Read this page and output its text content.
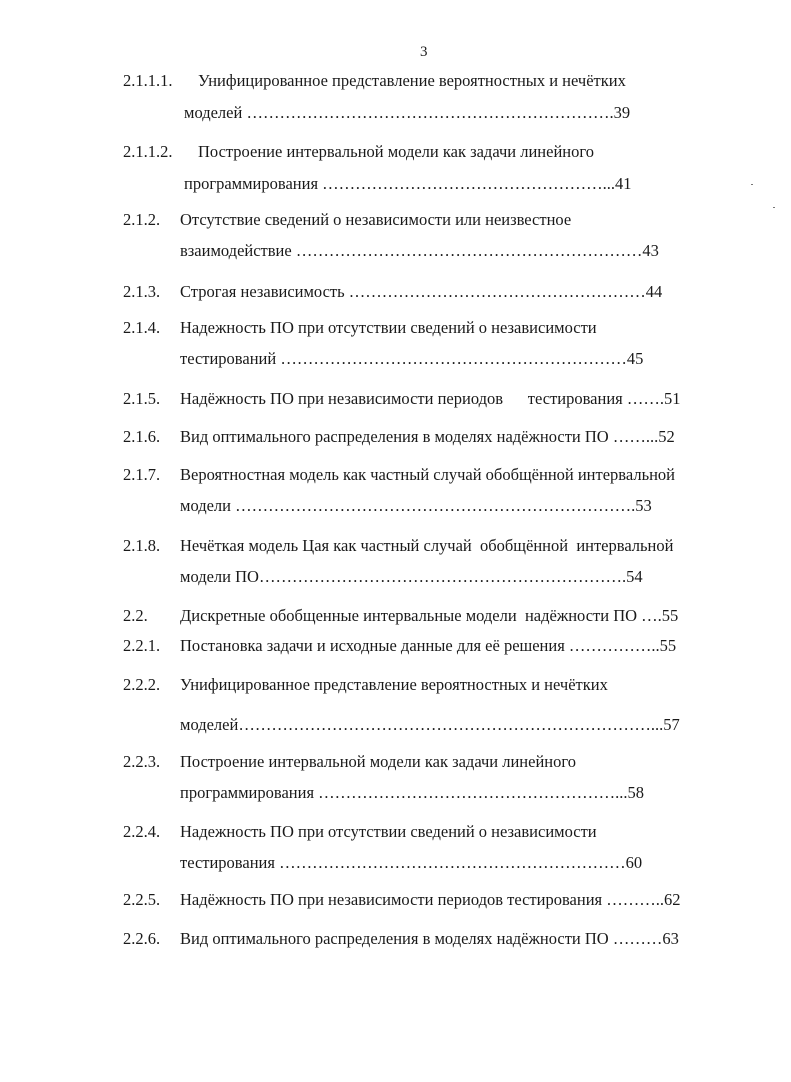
3
2.1.1.1. Унифицированное представление вероятностных и нечётких
моделей ………………………………………………………….39
2.1.1.2. Построение интервальной модели как задачи линейного
программирования ……………………………………………...41
2.1.2. Отсутствие сведений о независимости или неизвестное
взаимодействие ………………………………………………………43
2.1.3. Строгая независимость ………………………………………………44
2.1.4. Надежность ПО при отсутствии сведений о независимости
тестирований ………………………………………………………45
2.1.5. Надёжность ПО при независимости периодов      тестирования …….51
2.1.6. Вид оптимального распределения в моделях надёжности ПО ……...52
2.1.7. Вероятностная модель как частный случай обобщённой интервальной
модели ……………………………………………………………….53
2.1.8. Нечёткая модель Цая как частный случай  обобщённой  интервальной
модели ПО………………………………………………………….54
2.2. Дискретные обобщенные интервальные модели  надёжности ПО ….55
2.2.1. Постановка задачи и исходные данные для её решения ……………..55
2.2.2. Унифицированное представление вероятностных и нечётких
моделей…………………………………………………………………...57
2.2.3. Построение интервальной модели как задачи линейного
программирования ………………………………………………...58
2.2.4. Надежность ПО при отсутствии сведений о независимости
тестирования ………………………………………………………60
2.2.5. Надёжность ПО при независимости периодов тестирования ………..62
2.2.6. Вид оптимального распределения в моделях надёжности ПО ………63
